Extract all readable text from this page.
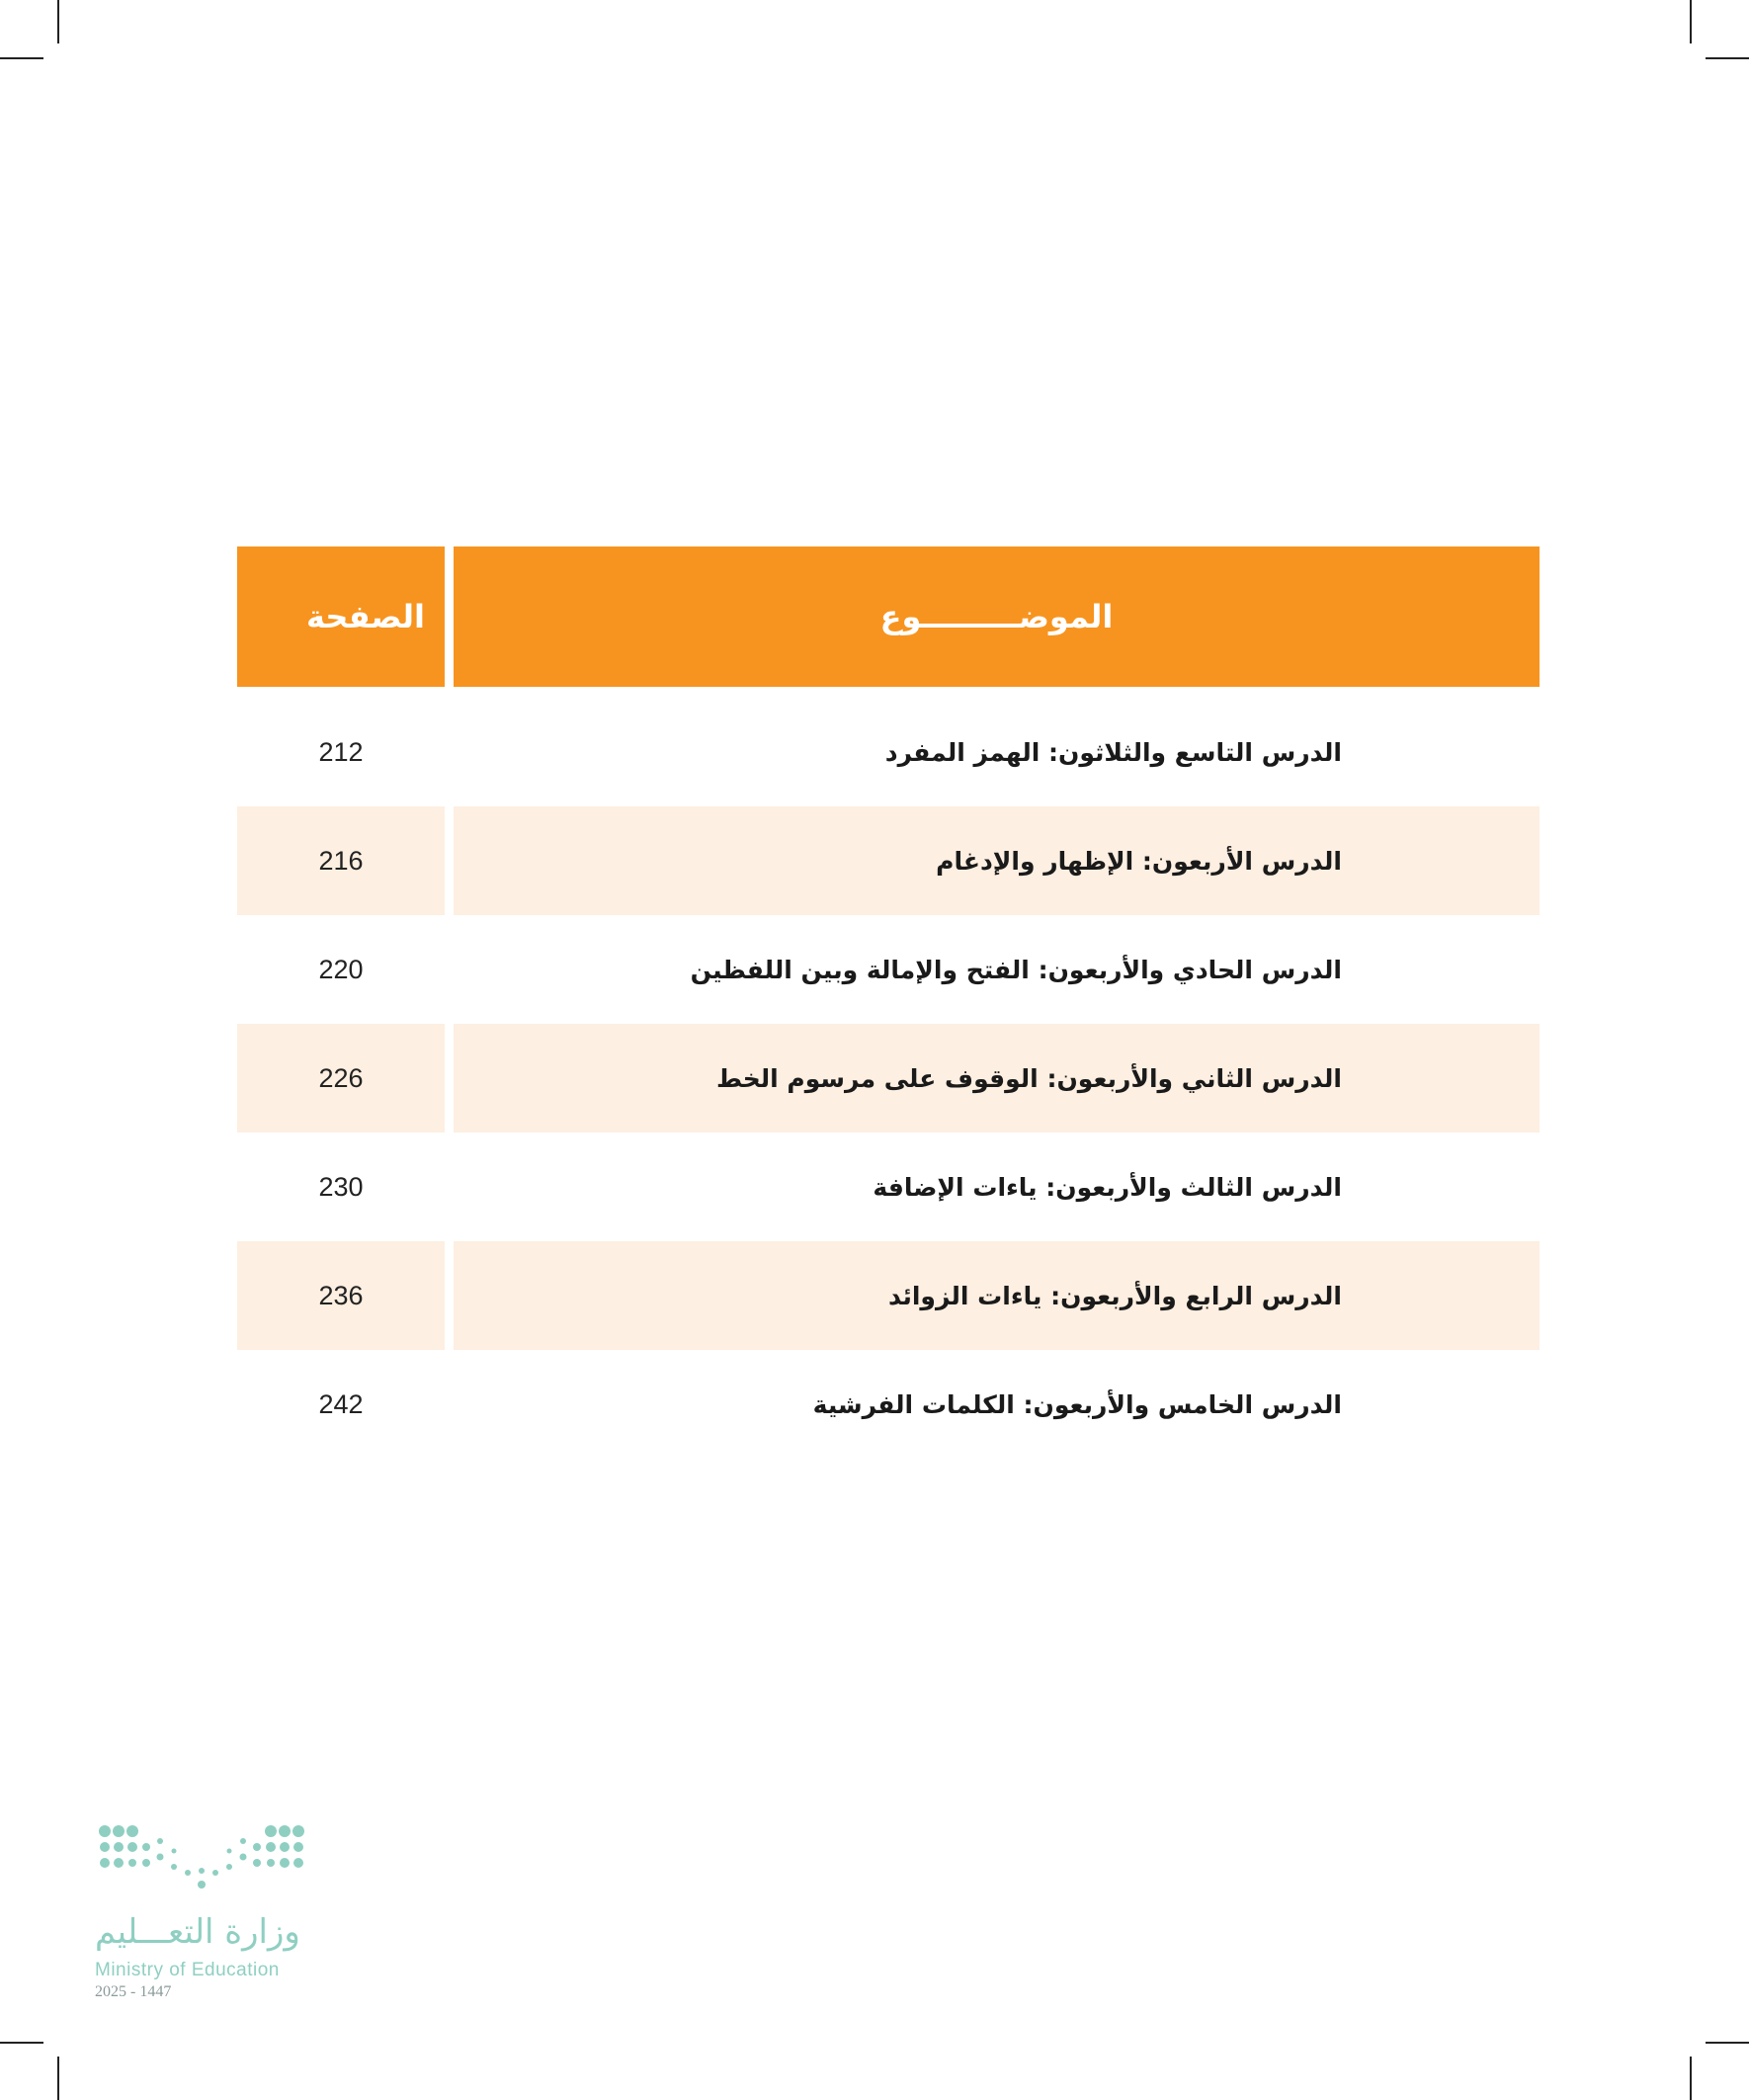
الموضـــــــــوع
الصفحة
الدرس التاسع والثلاثون: الهمز المفرد
212
الدرس الأربعون: الإظهار والإدغام
216
الدرس الحادي والأربعون: الفتح والإمالة وبين اللفظين
220
الدرس الثاني والأربعون: الوقوف على مرسوم الخط
226
الدرس الثالث والأربعون: ياءات الإضافة
230
الدرس الرابع والأربعون: ياءات الزوائد
236
الدرس الخامس والأربعون: الكلمات الفرشية
242
وزارة التعـــليم
Ministry of Education
2025 - 1447
